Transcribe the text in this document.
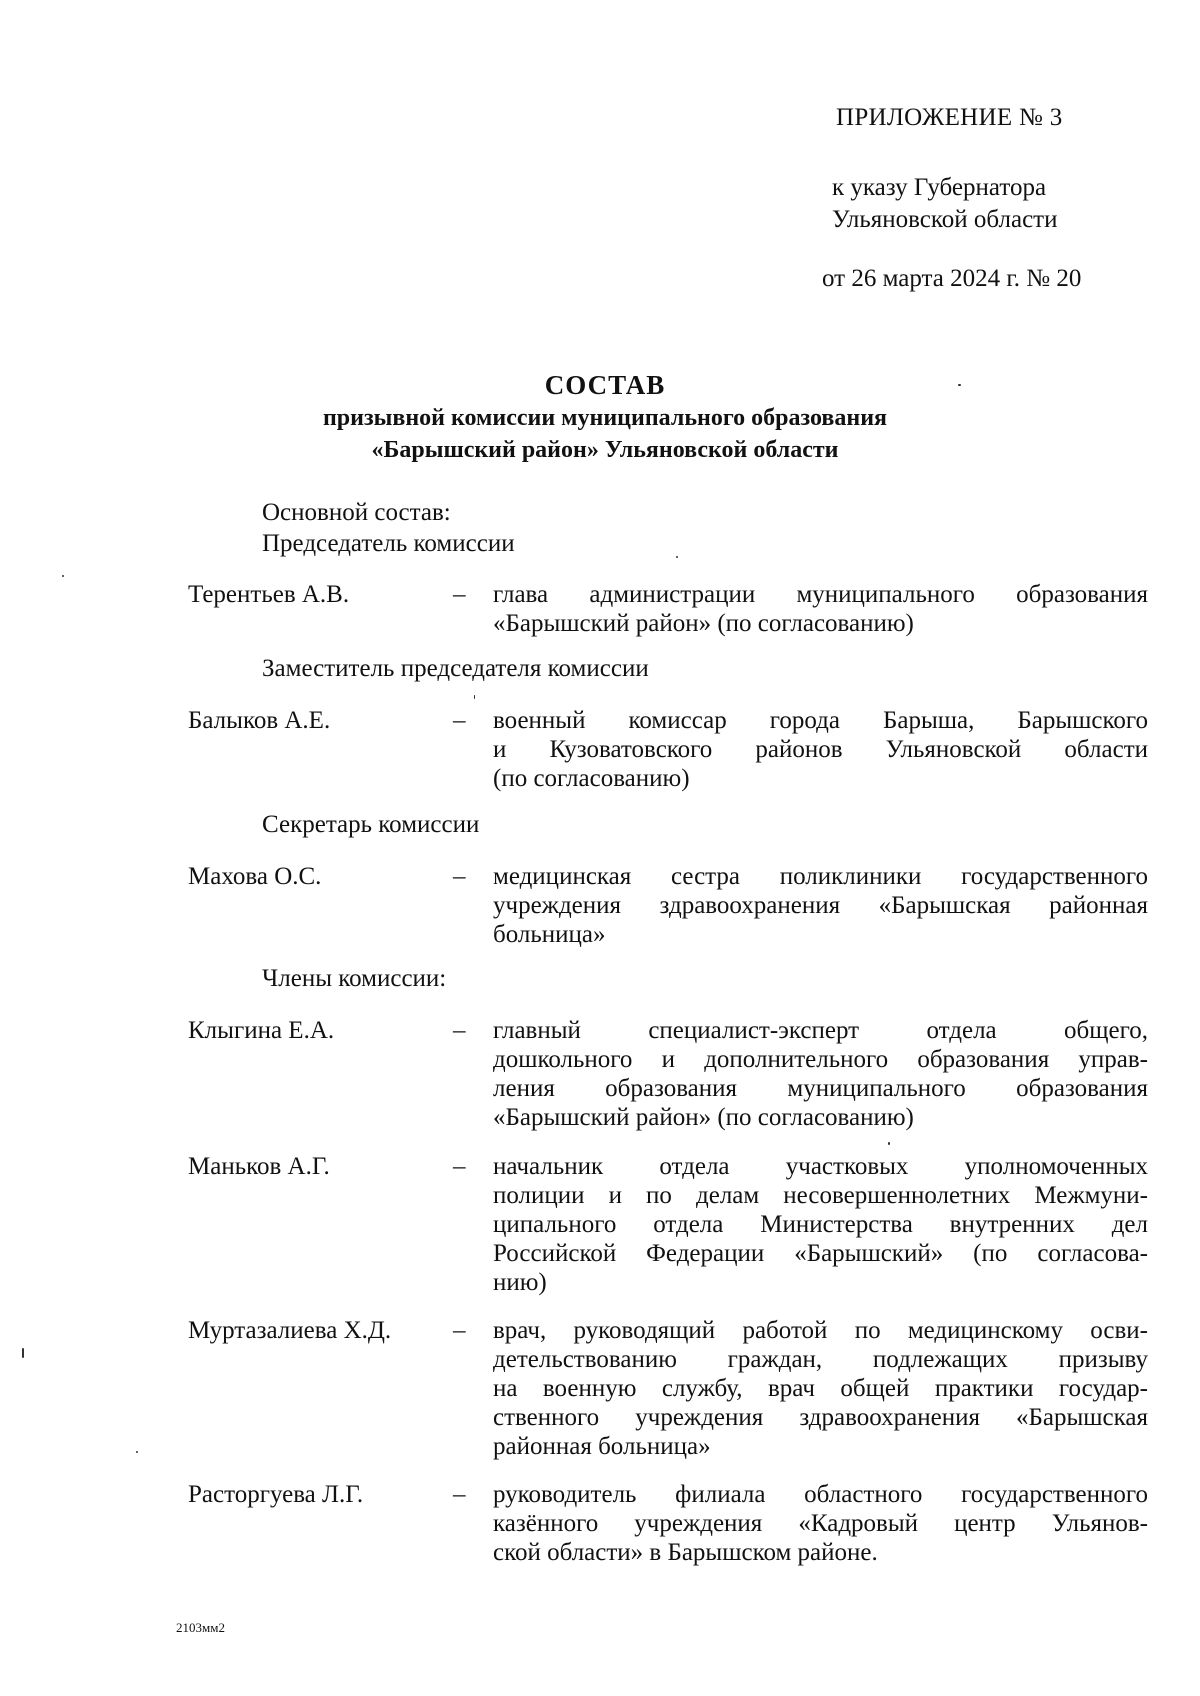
ПРИЛОЖЕНИЕ № 3
к указу Губернатора
Ульяновской области
от 26 марта 2024 г. № 20
СОСТАВ
призывной комиссии муниципального образования
«Барышский район» Ульяновской области
Основной состав:
Председатель комиссии
Терентьев А.В.	– глава администрации муниципального образования
«Барышский район» (по согласованию)
Заместитель председателя комиссии
Балыков А.Е.	– военный комиссар города Барыша, Барышского
и Кузоватовского районов Ульяновской области
(по согласованию)
Секретарь комиссии
Махова О.С.	– медицинская сестра поликлиники государственного
учреждения здравоохранения «Барышская районная
больница»
Члены комиссии:
Клыгина Е.А.	– главный специалист-эксперт отдела общего,
дошкольного и дополнительного образования управ-
ления образования муниципального образования
«Барышский район» (по согласованию)
Маньков А.Г.	– начальник отдела участковых уполномоченных
полиции и по делам несовершеннолетних Межмуни-
ципального отдела Министерства внутренних дел
Российской Федерации «Барышский» (по согласова-
нию)
Муртазалиева Х.Д. – врач, руководящий работой по медицинскому осви-
детельствованию граждан, подлежащих призыву
на военную службу, врач общей практики государ-
ственного учреждения здравоохранения «Барышская
районная больница»
Расторгуева Л.Г.	– руководитель филиала областного государственного
казённого учреждения «Кадровый центр Ульянов-
ской области» в Барышском районе.
2103мм2
